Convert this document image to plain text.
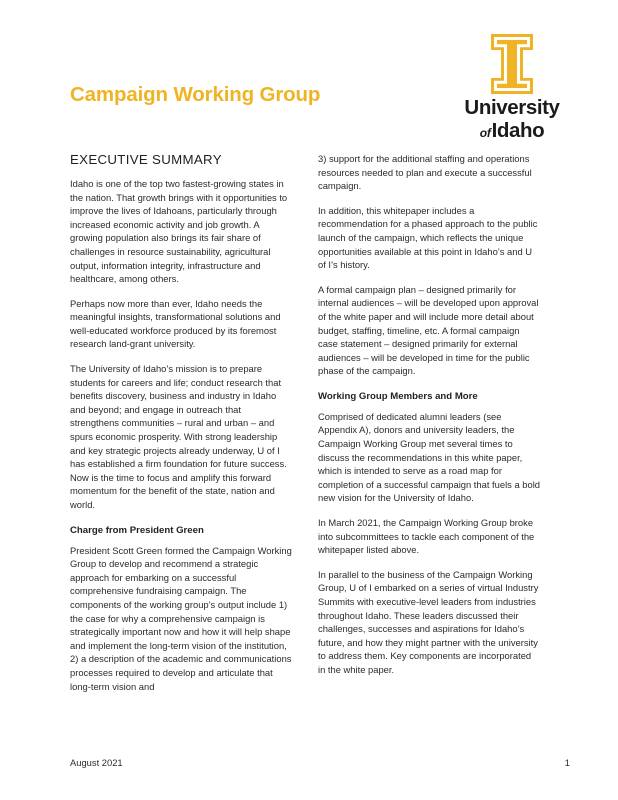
Campaign Working Group
University
ofIdaho
EXECUTIVE SUMMARY

Idaho is one of the top two fastest-growing states in the nation. That growth brings with it opportunities to improve the lives of Idahoans, particularly through increased economic activity and job growth. A growing population also brings its fair share of challenges in resource sustainability, agricultural output, information integrity, infrastructure and healthcare, among others.

Perhaps now more than ever, Idaho needs the meaningful insights, transformational solutions and well-educated workforce produced by its foremost research land-grant university.

The University of Idaho’s mission is to prepare students for careers and life; conduct research that benefits discovery, business and industry in Idaho and beyond; and engage in outreach that strengthens communities – rural and urban – and spurs economic prosperity. With strong leadership and key strategic projects already underway, U of I has established a firm foundation for future success. Now is the time to focus and amplify this forward momentum for the benefit of the state, nation and world.

Charge from President Green

President Scott Green formed the Campaign Working Group to develop and recommend a strategic approach for embarking on a successful comprehensive fundraising campaign. The components of the working group’s output include 1) the case for why a comprehensive campaign is strategically important now and how it will help shape and implement the long-term vision of the institution, 2) a description of the academic and communications processes required to develop and articulate that long-term vision and

3) support for the additional staffing and operations resources needed to plan and execute a successful campaign.

In addition, this whitepaper includes a recommendation for a phased approach to the public launch of the campaign, which reflects the unique opportunities available at this point in Idaho’s and U of I’s history.

A formal campaign plan – designed primarily for internal audiences – will be developed upon approval of the white paper and will include more detail about budget, staffing, timeline, etc. A formal campaign case statement – designed primarily for external audiences – will be developed in time for the public phase of the campaign.

Working Group Members and More

Comprised of dedicated alumni leaders (see Appendix A), donors and university leaders, the Campaign Working Group met several times to discuss the recommendations in this white paper, which is intended to serve as a road map for completion of a successful campaign that fuels a bold new vision for the University of Idaho.

In March 2021, the Campaign Working Group broke into subcommittees to tackle each component of the whitepaper listed above.

In parallel to the business of the Campaign Working Group, U of I embarked on a series of virtual Industry Summits with executive-level leaders from industries throughout Idaho. These leaders discussed their challenges, successes and aspirations for Idaho’s future, and how they might partner with the university to address them. Key components are incorporated in the white paper.

August 2021	1
